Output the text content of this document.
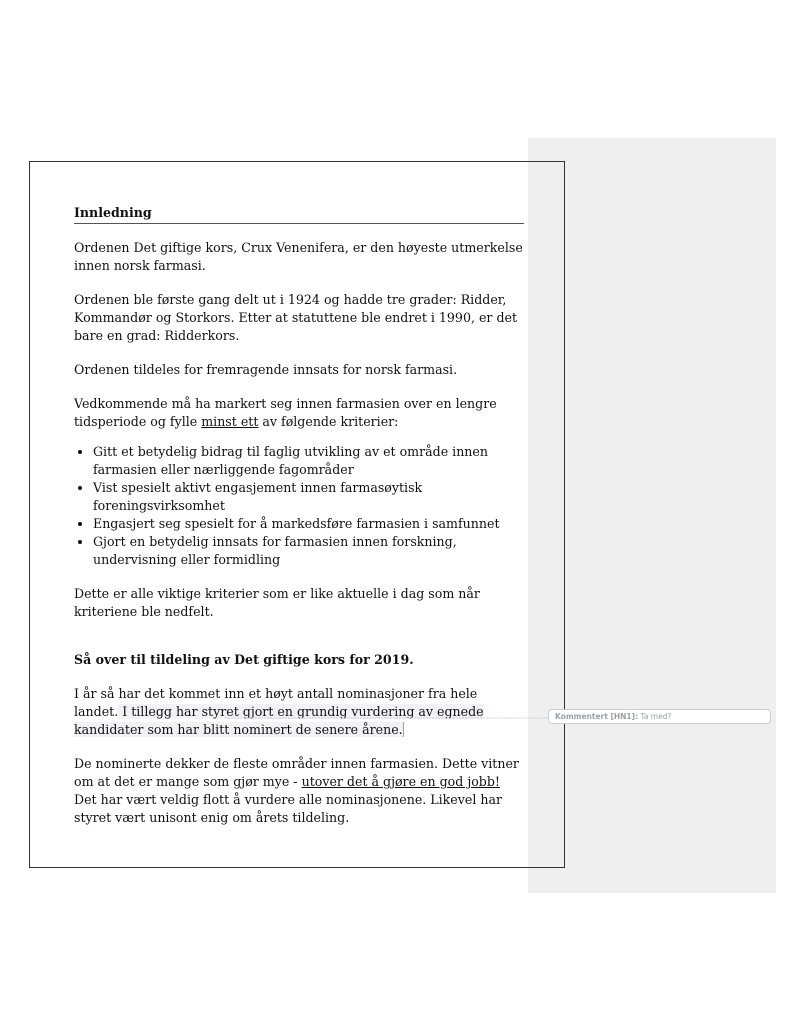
Innledning

Ordenen Det giftige kors, Crux Venenifera, er den høyeste utmerkelse innen norsk farmasi.

Ordenen ble første gang delt ut i 1924 og hadde tre grader: Ridder, Kommandør og Storkors. Etter at statuttene ble endret i 1990, er det bare en grad: Ridderkors.

Ordenen tildeles for fremragende innsats for norsk farmasi.

Vedkommende må ha markert seg innen farmasien over en lengre tidsperiode og fylle minst ett av følgende kriterier:

• Gitt et betydelig bidrag til faglig utvikling av et område innen farmasien eller nærliggende fagområder
• Vist spesielt aktivt engasjement innen farmasøytisk foreningsvirksomhet
• Engasjert seg spesielt for å markedsføre farmasien i samfunnet
• Gjort en betydelig innsats for farmasien innen forskning, undervisning eller formidling

Dette er alle viktige kriterier som er like aktuelle i dag som når kriteriene ble nedfelt.

Så over til tildeling av Det giftige kors for 2019.

I år så har det kommet inn et høyt antall nominasjoner fra hele landet. I tillegg har styret gjort en grundig vurdering av egnede kandidater som har blitt nominert de senere årene.

De nominerte dekker de fleste områder innen farmasien. Dette vitner om at det er mange som gjør mye - utover det å gjøre en god jobb! Det har vært veldig flott å vurdere alle nominasjonene. Likevel har styret vært unisont enig om årets tildeling.

Kommentert [HN1]: Ta med?
